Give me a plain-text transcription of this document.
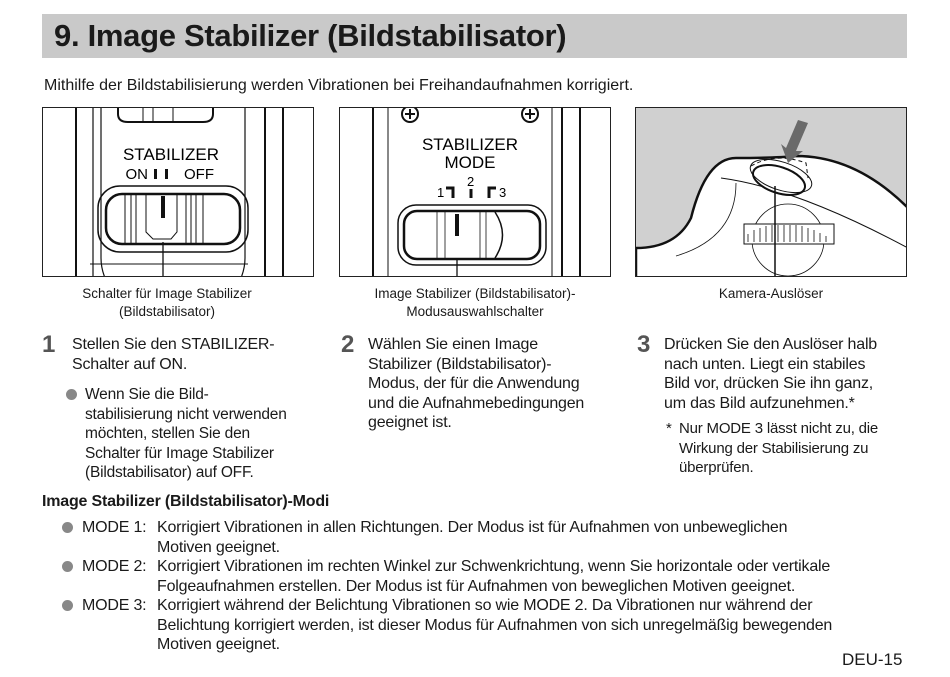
9. Image Stabilizer (Bildstabilisator)
Mithilfe der Bildstabilisierung werden Vibrationen bei Freihandaufnahmen korrigiert.
STABILIZER
ON OFF
Schalter für Image Stabilizer
(Bildstabilisator)
STABILIZER
MODE
1
2
3
Image Stabilizer (Bildstabilisator)-
Modusauswahlschalter
Kamera-Auslöser
1 Stellen Sie den STABILIZER-
Schalter auf ON.
Wenn Sie die Bild-
stabilisierung nicht verwenden
möchten, stellen Sie den
Schalter für Image Stabilizer
(Bildstabilisator) auf OFF.
2 Wählen Sie einen Image
Stabilizer (Bildstabilisator)-
Modus, der für die Anwendung
und die Aufnahmebedingungen
geeignet ist.
3 Drücken Sie den Auslöser halb
nach unten. Liegt ein stabiles
Bild vor, drücken Sie ihn ganz,
um das Bild aufzunehmen.*
* Nur MODE 3 lässt nicht zu, die
Wirkung der Stabilisierung zu
überprüfen.
Image Stabilizer (Bildstabilisator)-Modi
MODE 1: Korrigiert Vibrationen in allen Richtungen. Der Modus ist für Aufnahmen von unbeweglichen
Motiven geeignet.
MODE 2: Korrigiert Vibrationen im rechten Winkel zur Schwenkrichtung, wenn Sie horizontale oder vertikale
Folgeaufnahmen erstellen. Der Modus ist für Aufnahmen von beweglichen Motiven geeignet.
MODE 3: Korrigiert während der Belichtung Vibrationen so wie MODE 2. Da Vibrationen nur während der
Belichtung korrigiert werden, ist dieser Modus für Aufnahmen von sich unregelmäßig bewegenden
Motiven geeignet.
DEU-15
